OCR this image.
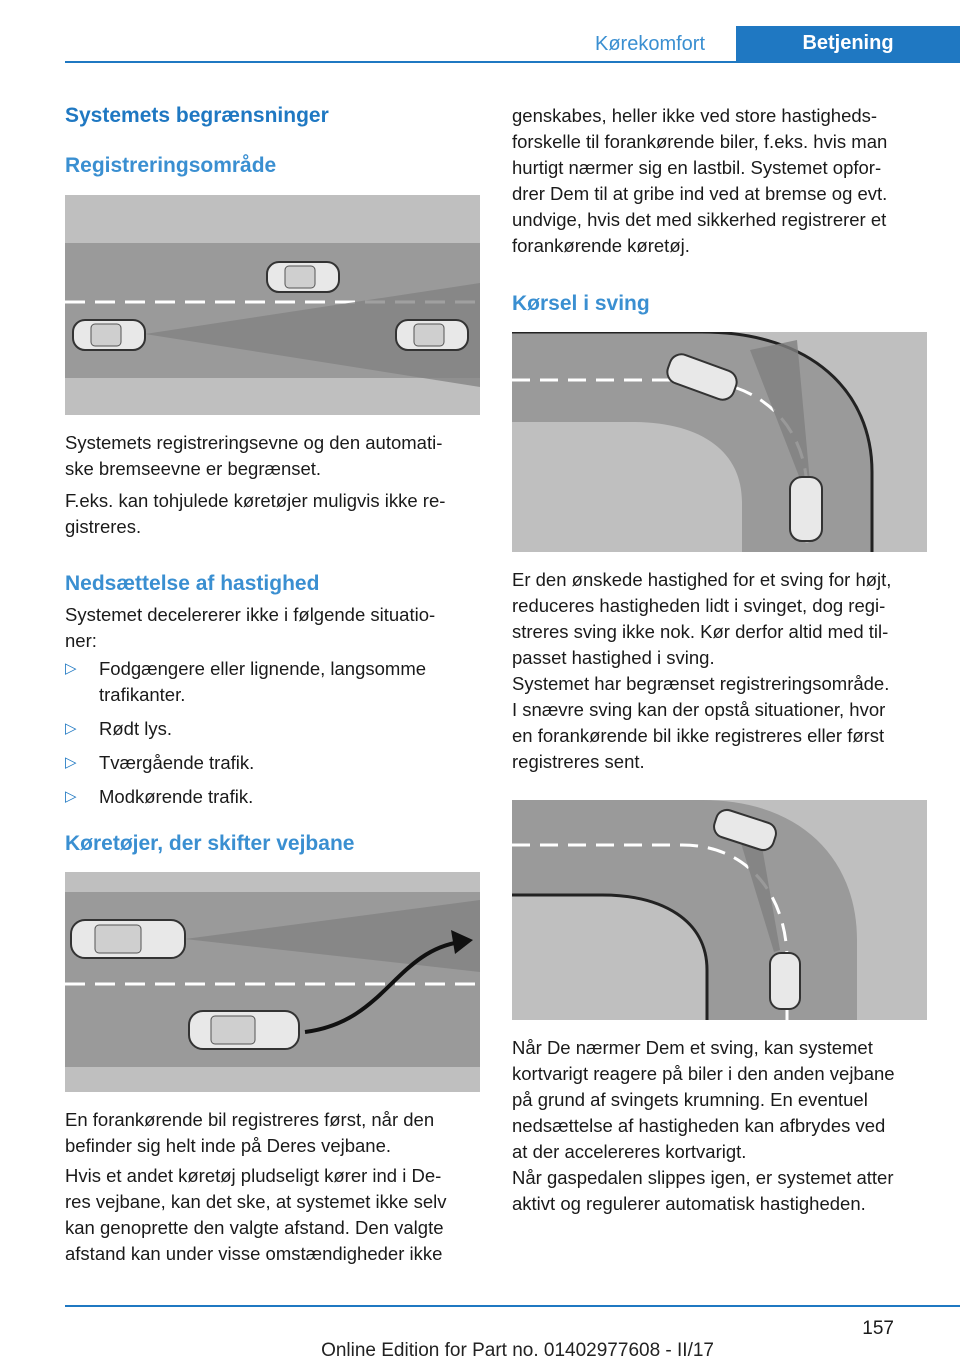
Kørekomfort	Betjening
Systemets begrænsninger
Registreringsområde
Systemets registreringsevne og den automati-
ske bremseevne er begrænset.
F.eks. kan tohjulede køretøjer muligvis ikke re-
gistreres.
Nedsættelse af hastighed
Systemet decelererer ikke i følgende situatio-
ner:
▷ Fodgængere eller lignende, langsomme trafikanter.
▷ Rødt lys.
▷ Tværgående trafik.
▷ Modkørende trafik.
Køretøjer, der skifter vejbane
En forankørende bil registreres først, når den
befinder sig helt inde på Deres vejbane.
Hvis et andet køretøj pludseligt kører ind i De-
res vejbane, kan det ske, at systemet ikke selv
kan genoprette den valgte afstand. Den valgte
afstand kan under visse omstændigheder ikke
genskabes, heller ikke ved store hastigheds-
forskelle til forankørende biler, f.eks. hvis man
hurtigt nærmer sig en lastbil. Systemet opfor-
drer Dem til at gribe ind ved at bremse og evt.
undvige, hvis det med sikkerhed registrerer et
forankørende køretøj.
Kørsel i sving
Er den ønskede hastighed for et sving for højt,
reduceres hastigheden lidt i svinget, dog regi-
streres sving ikke nok. Kør derfor altid med til-
passet hastighed i sving.
Systemet har begrænset registreringsområde.
I snævre sving kan der opstå situationer, hvor
en forankørende bil ikke registreres eller først
registreres sent.
Når De nærmer Dem et sving, kan systemet
kortvarigt reagere på biler i den anden vejbane
på grund af svingets krumning. En eventuel
nedsættelse af hastigheden kan afbrydes ved
at der accelereres kortvarigt.
Når gaspedalen slippes igen, er systemet atter
aktivt og regulerer automatisk hastigheden.
157
Online Edition for Part no. 01402977608 - II/17
